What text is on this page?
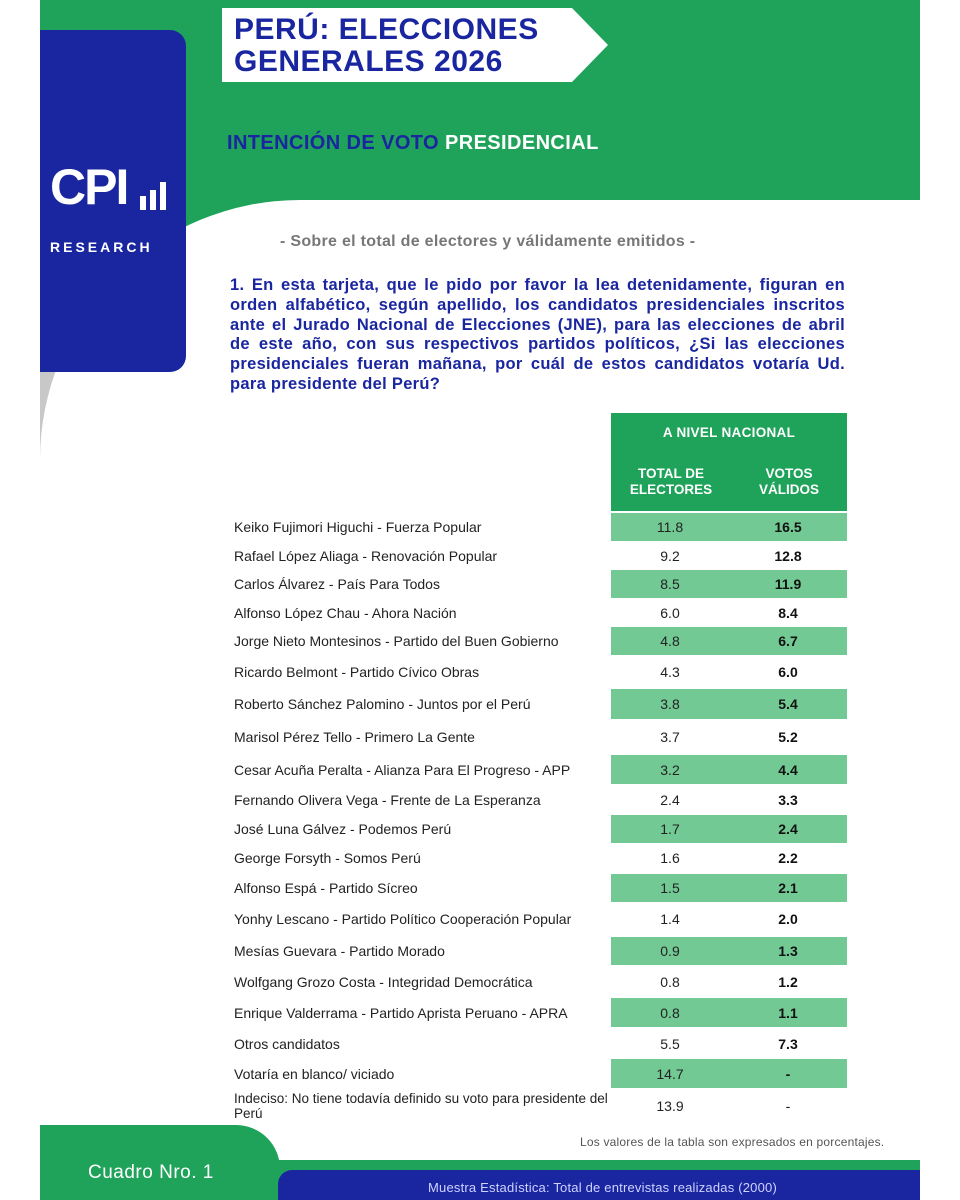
CPI
RESEARCH
PERÚ: ELECCIONES
GENERALES 2026
INTENCIÓN DE VOTO PRESIDENCIAL
- Sobre el total de electores y válidamente emitidos -
1. En esta tarjeta, que le pido por favor la lea detenidamente, figuran en orden alfabético, según apellido, los candidatos presidenciales inscritos ante el Jurado Nacional de Elecciones (JNE), para las elecciones de abril de este año, con sus respectivos partidos políticos, ¿Si las elecciones presidenciales fueran mañana, por cuál de estos candidatos votaría Ud. para presidente del Perú?
A NIVEL NACIONAL
TOTAL DE
ELECTORES
VOTOS
VÁLIDOS
Keiko Fujimori Higuchi - Fuerza Popular	11.8	16.5
Rafael López Aliaga - Renovación Popular	9.2	12.8
Carlos Álvarez - País Para Todos	8.5	11.9
Alfonso López Chau - Ahora Nación	6.0	8.4
Jorge Nieto Montesinos - Partido del Buen Gobierno	4.8	6.7
Ricardo Belmont - Partido Cívico Obras	4.3	6.0
Roberto Sánchez Palomino - Juntos por el Perú	3.8	5.4
Marisol Pérez Tello - Primero La Gente	3.7	5.2
Cesar Acuña Peralta - Alianza Para El Progreso - APP	3.2	4.4
Fernando Olivera Vega - Frente de La Esperanza	2.4	3.3
José Luna Gálvez - Podemos Perú	1.7	2.4
George Forsyth - Somos Perú	1.6	2.2
Alfonso Espá - Partido Sícreo	1.5	2.1
Yonhy Lescano - Partido Político Cooperación Popular	1.4	2.0
Mesías Guevara - Partido Morado	0.9	1.3
Wolfgang Grozo Costa - Integridad Democrática	0.8	1.2
Enrique Valderrama - Partido Aprista Peruano - APRA	0.8	1.1
Otros candidatos	5.5	7.3
Votaría en blanco/ viciado	14.7	-
Indeciso: No tiene todavía definido su voto para presidente del Perú	13.9	-
Los valores de la tabla son expresados en porcentajes.
Cuadro Nro. 1
Muestra Estadística: Total de entrevistas realizadas (2000)
